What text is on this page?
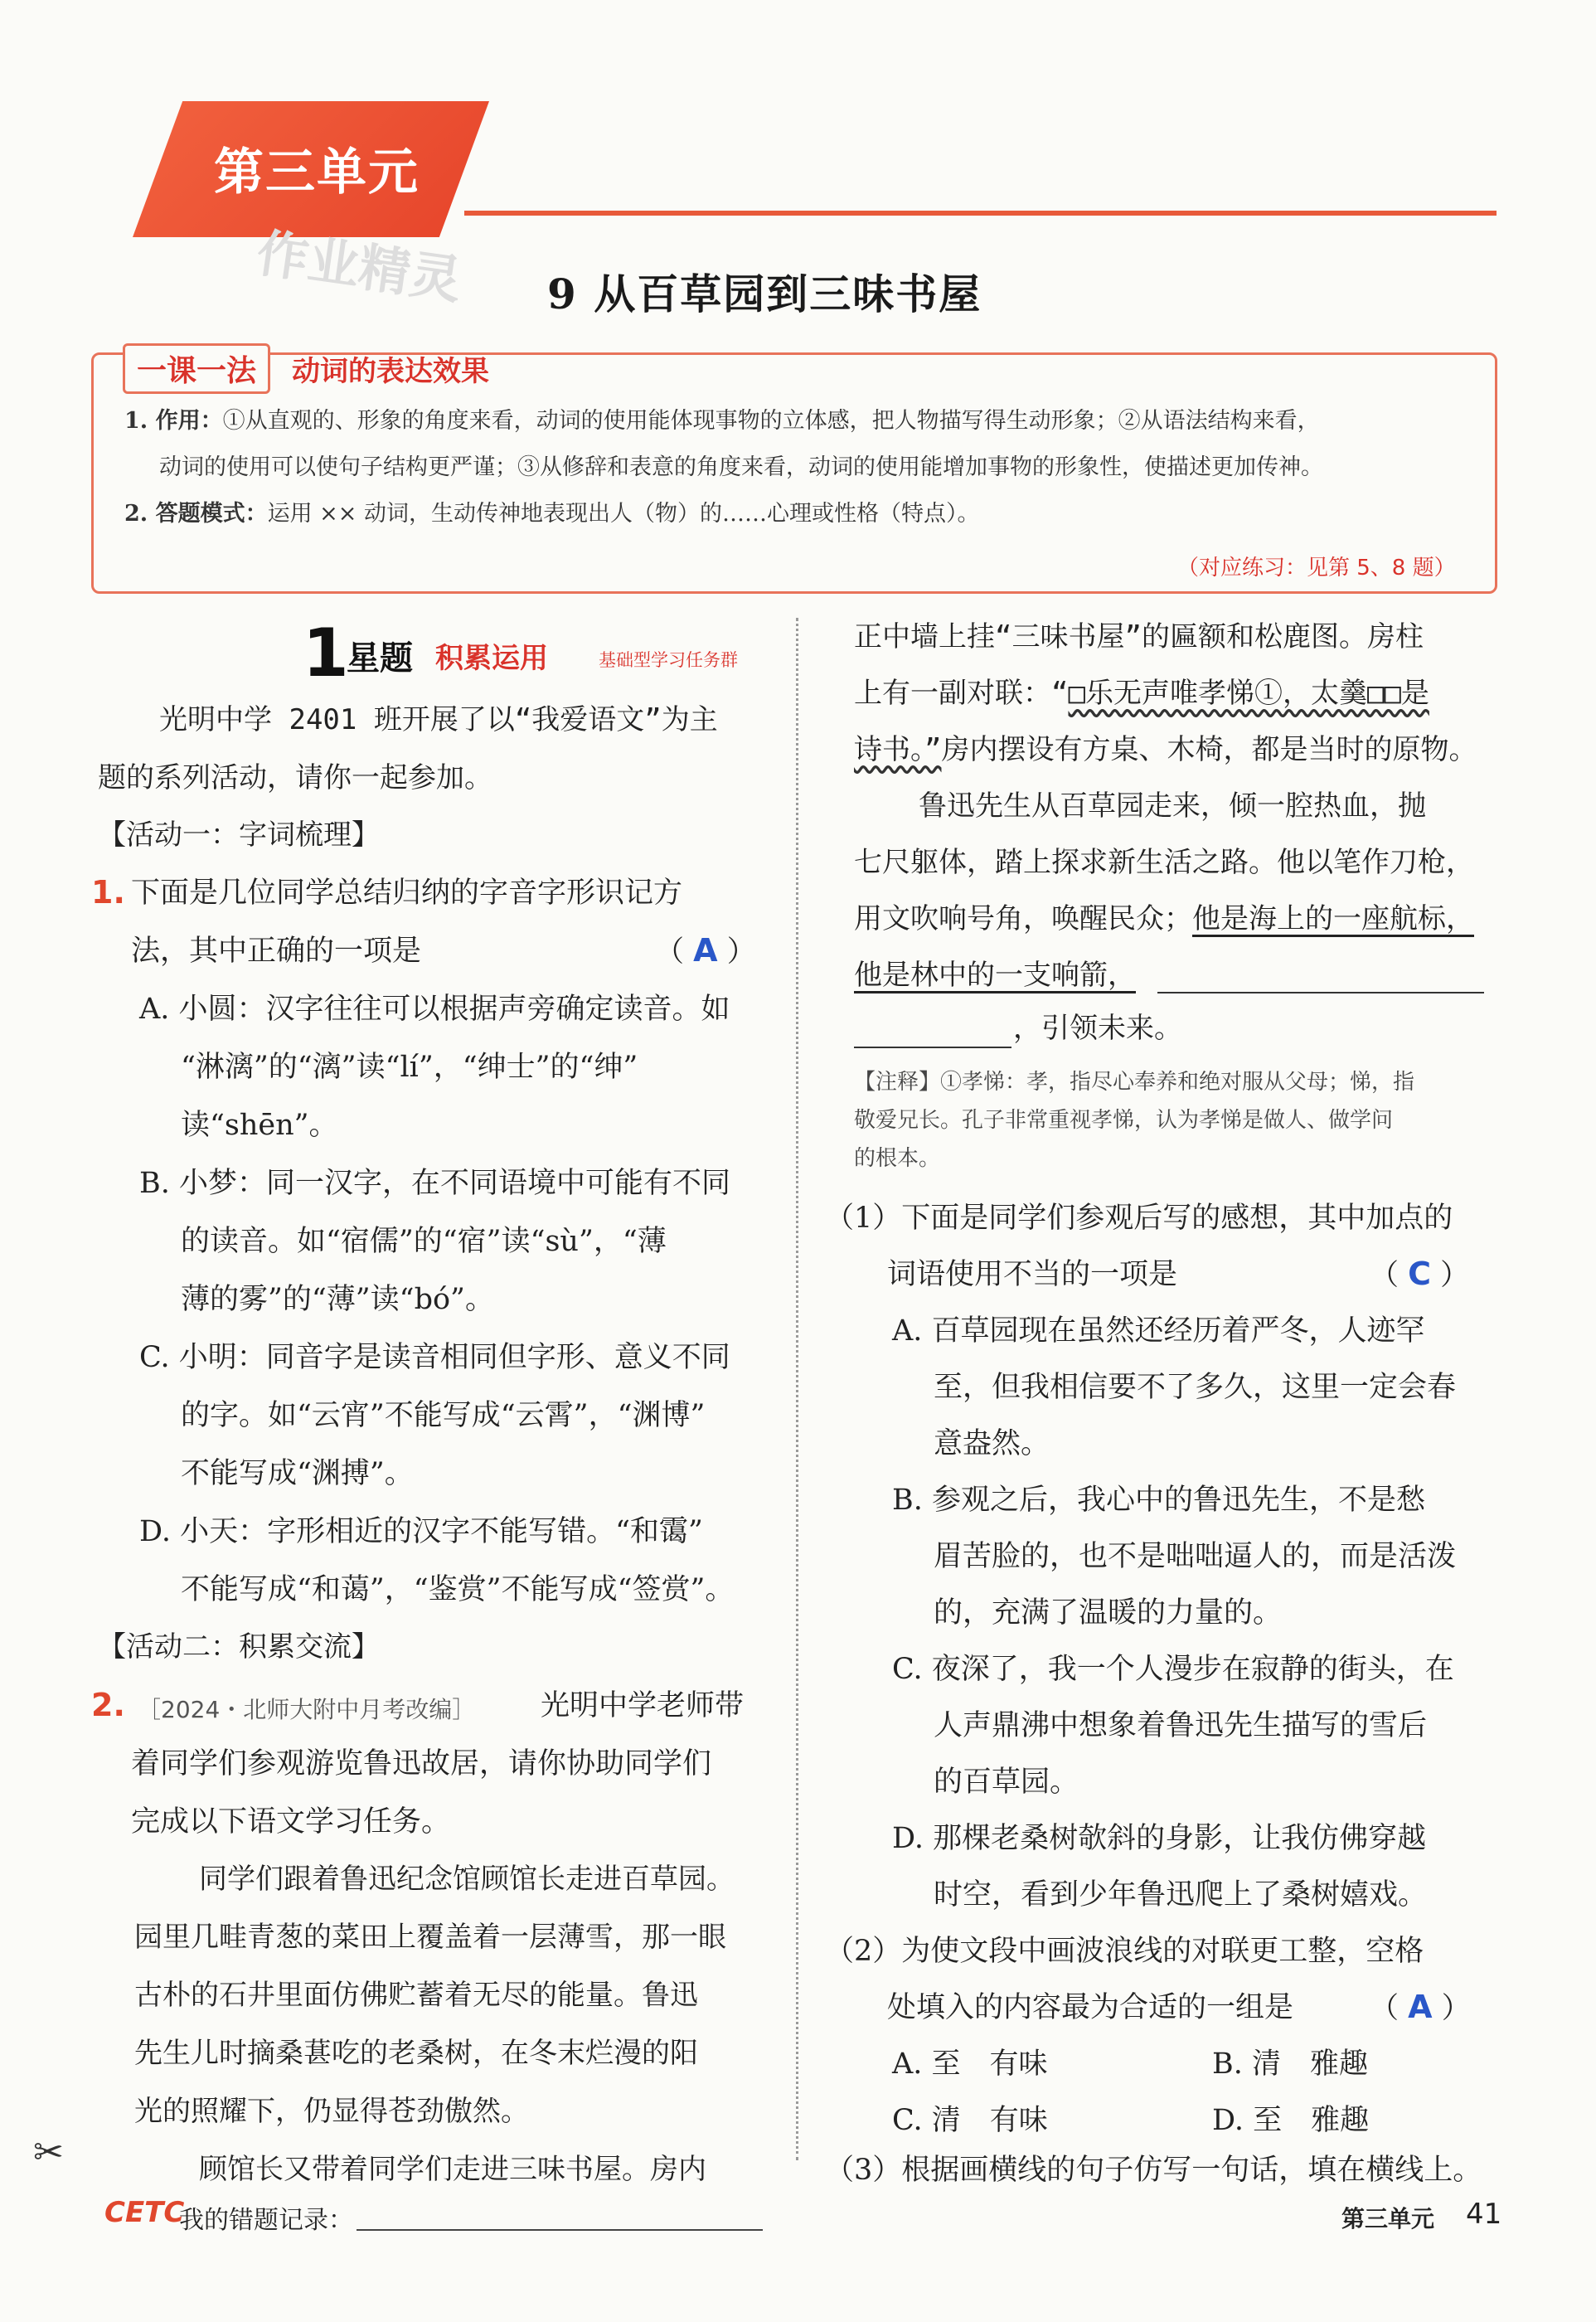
第三单元
作业精灵 9 从百草园到三味书屋
一课一法	动词的表达效果
1. 作用：①从直观的、形象的角度来看，动词的使用能体现事物的立体感，把人物描写得生动形象；②从语法结构来看，
动词的使用可以使句子结构更严谨；③从修辞和表意的角度来看，动词的使用能增加事物的形象性，使描述更加传神。
2. 答题模式：运用 ×× 动词，生动传神地表现出人（物）的……心理或性格（特点）。
（对应练习：见第 5、8 题）
1
星题 积累运用	基础型学习任务群
光明中学 2401 班开展了以“我爱语文”为主
题的系列活动，请你一起参加。
【活动一：字词梳理】
1. 下面是几位同学总结归纳的字音字形识记方
法，其中正确的一项是	（ A ）
A. 小圆：汉字往往可以根据声旁确定读音。如
“淋漓”的“漓”读“lí”，“绅士”的“绅”
读“shēn”。
B. 小梦：同一汉字，在不同语境中可能有不同
的读音。如“宿儒”的“宿”读“sù”，“薄
薄的雾”的“薄”读“bó”。
C. 小明：同音字是读音相同但字形、意义不同
的字。如“云宵”不能写成“云霄”，“渊博”
不能写成“渊搏”。
D. 小天：字形相近的汉字不能写错。“和霭”
不能写成“和蔼”，“鉴赏”不能写成“签赏”。
【活动二：积累交流】
2. ［2024・北师大附中月考改编］ 光明中学老师带
着同学们参观游览鲁迅故居，请你协助同学们
完成以下语文学习任务。
同学们跟着鲁迅纪念馆顾馆长走进百草园。
园里几畦青葱的菜田上覆盖着一层薄雪，那一眼
古朴的石井里面仿佛贮蓄着无尽的能量。鲁迅
先生儿时摘桑葚吃的老桑树，在冬末烂漫的阳
光的照耀下，仍显得苍劲傲然。
顾馆长又带着同学们走进三味书屋。房内
正中墙上挂“三味书屋”的匾额和松鹿图。房柱
上有一副对联：“□乐无声唯孝悌①，太羹□□是
诗书。”房内摆设有方桌、木椅，都是当时的原物。
鲁迅先生从百草园走来，倾一腔热血，抛
七尺躯体，踏上探求新生活之路。他以笔作刀枪，
用文吹响号角，唤醒民众；他是海上的一座航标，
他是林中的一支响箭，
，引领未来。
【注释】①孝悌：孝，指尽心奉养和绝对服从父母；悌，指
敬爱兄长。孔子非常重视孝悌，认为孝悌是做人、做学问
的根本。
（1）下面是同学们参观后写的感想，其中加点的
词语使用不当的一项是	（ C ）
A. 百草园现在虽然还经历着严冬，人迹罕
至，但我相信要不了多久，这里一定会春
意盎然。
B. 参观之后，我心中的鲁迅先生，不是愁
眉苦脸的，也不是咄咄逼人的，而是活泼
的，充满了温暖的力量的。
C. 夜深了，我一个人漫步在寂静的街头，在
人声鼎沸中想象着鲁迅先生描写的雪后
的百草园。
D. 那棵老桑树欹斜的身影，让我仿佛穿越
时空，看到少年鲁迅爬上了桑树嬉戏。
（2）为使文段中画波浪线的对联更工整，空格
处填入的内容最为合适的一组是	（ A ）
A. 至　有味	B. 清　雅趣
C. 清　有味	D. 至　雅趣
（3）根据画横线的句子仿写一句话，填在横线上。
✂
CETC
我的错题记录：	第三单元 41
